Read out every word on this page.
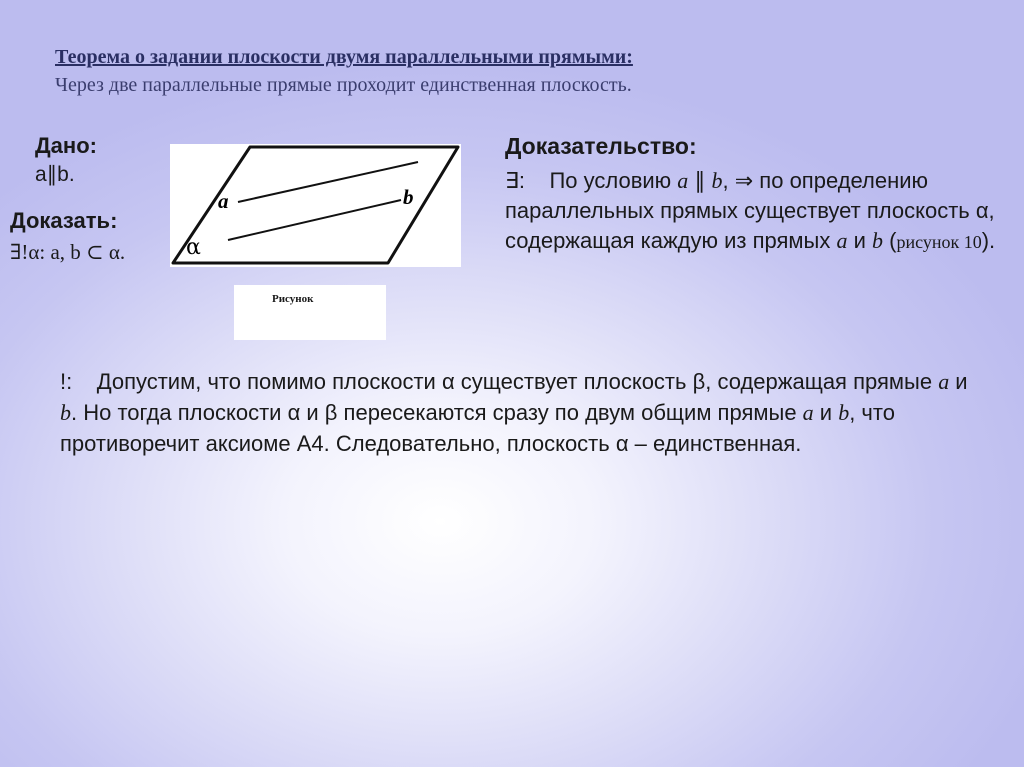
Теорема о задании плоскости двумя параллельными прямыми:
Через две параллельные прямые проходит единственная плоскость.
Дано:
a∥b.
Доказать:
∃!α: a, b ⊂ α.
a	b
α
Рисунок
Доказательство:
∃: По условию a ∥ b, ⇒ по определению параллельных прямых существует плоскость α, содержащая каждую из прямых a и b (рисунок 10).
!: Допустим, что помимо плоскости α существует плоскость β, содержащая прямые a и b. Но тогда плоскости α и β пересекаются сразу по двум общим прямые a и b, что противоречит аксиоме А4. Следовательно, плоскость α – единственная.
